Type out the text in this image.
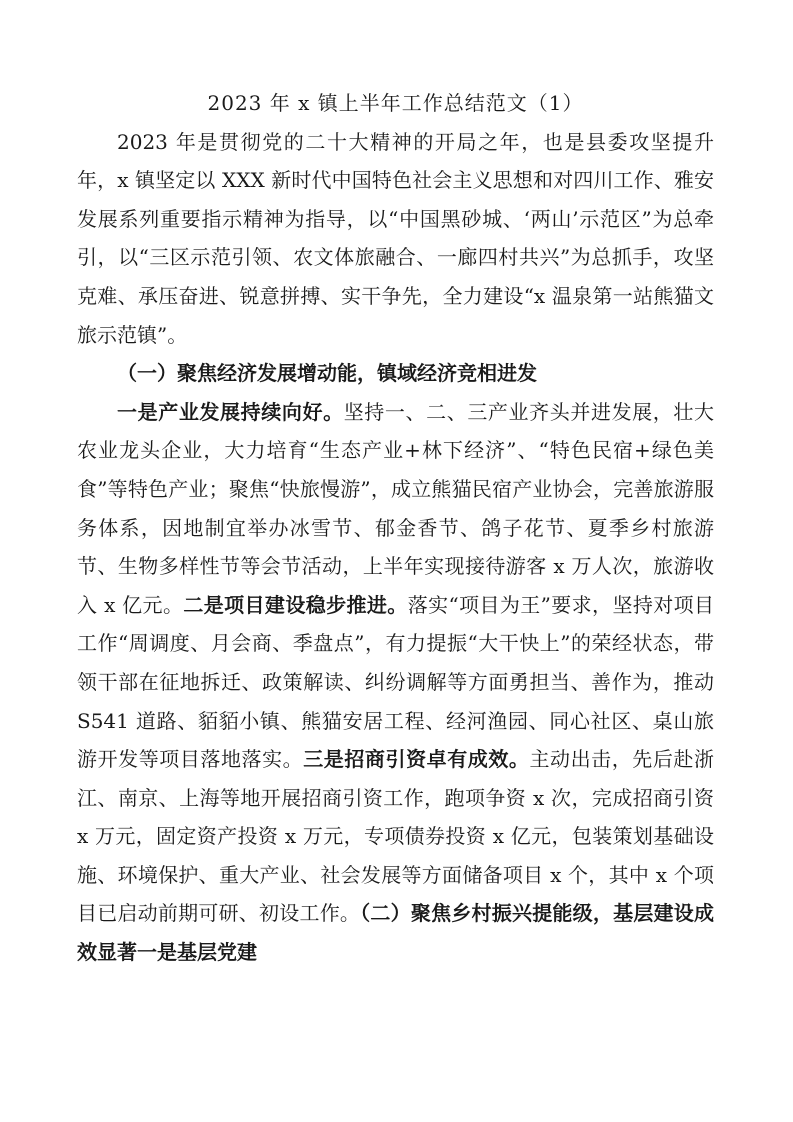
2023 年 x 镇上半年工作总结范文（1）

2023 年是贯彻党的二十大精神的开局之年，也是县委攻坚提升年，x 镇坚定以 XXX 新时代中国特色社会主义思想和对四川工作、雅安发展系列重要指示精神为指导，以“中国黑砂城、‘两山’示范区”为总牵引，以“三区示范引领、农文体旅融合、一廊四村共兴”为总抓手，攻坚克难、承压奋进、锐意拼搏、实干争先，全力建设“x 温泉第一站熊猫文旅示范镇”。

（一）聚焦经济发展增动能，镇域经济竞相进发

一是产业发展持续向好。坚持一、二、三产业齐头并进发展，壮大农业龙头企业，大力培育“生态产业+林下经济”、“特色民宿+绿色美食”等特色产业；聚焦“快旅慢游”，成立熊猫民宿产业协会，完善旅游服务体系，因地制宜举办冰雪节、郁金香节、鸽子花节、夏季乡村旅游节、生物多样性节等会节活动，上半年实现接待游客 x 万人次，旅游收入 x 亿元。二是项目建设稳步推进。落实“项目为王”要求，坚持对项目工作“周调度、月会商、季盘点”，有力提振“大干快上”的荣经状态，带领干部在征地拆迁、政策解读、纠纷调解等方面勇担当、善作为，推动 S541 道路、貊貊小镇、熊猫安居工程、经河渔园、同心社区、桌山旅游开发等项目落地落实。三是招商引资卓有成效。主动出击，先后赴浙江、南京、上海等地开展招商引资工作，跑项争资 x 次，完成招商引资 x 万元，固定资产投资 x 万元，专项债券投资 x 亿元，包装策划基础设施、环境保护、重大产业、社会发展等方面储备项目 x 个，其中 x 个项目已启动前期可研、初设工作。（二）聚焦乡村振兴提能级，基层建设成效显著一是基层党建
